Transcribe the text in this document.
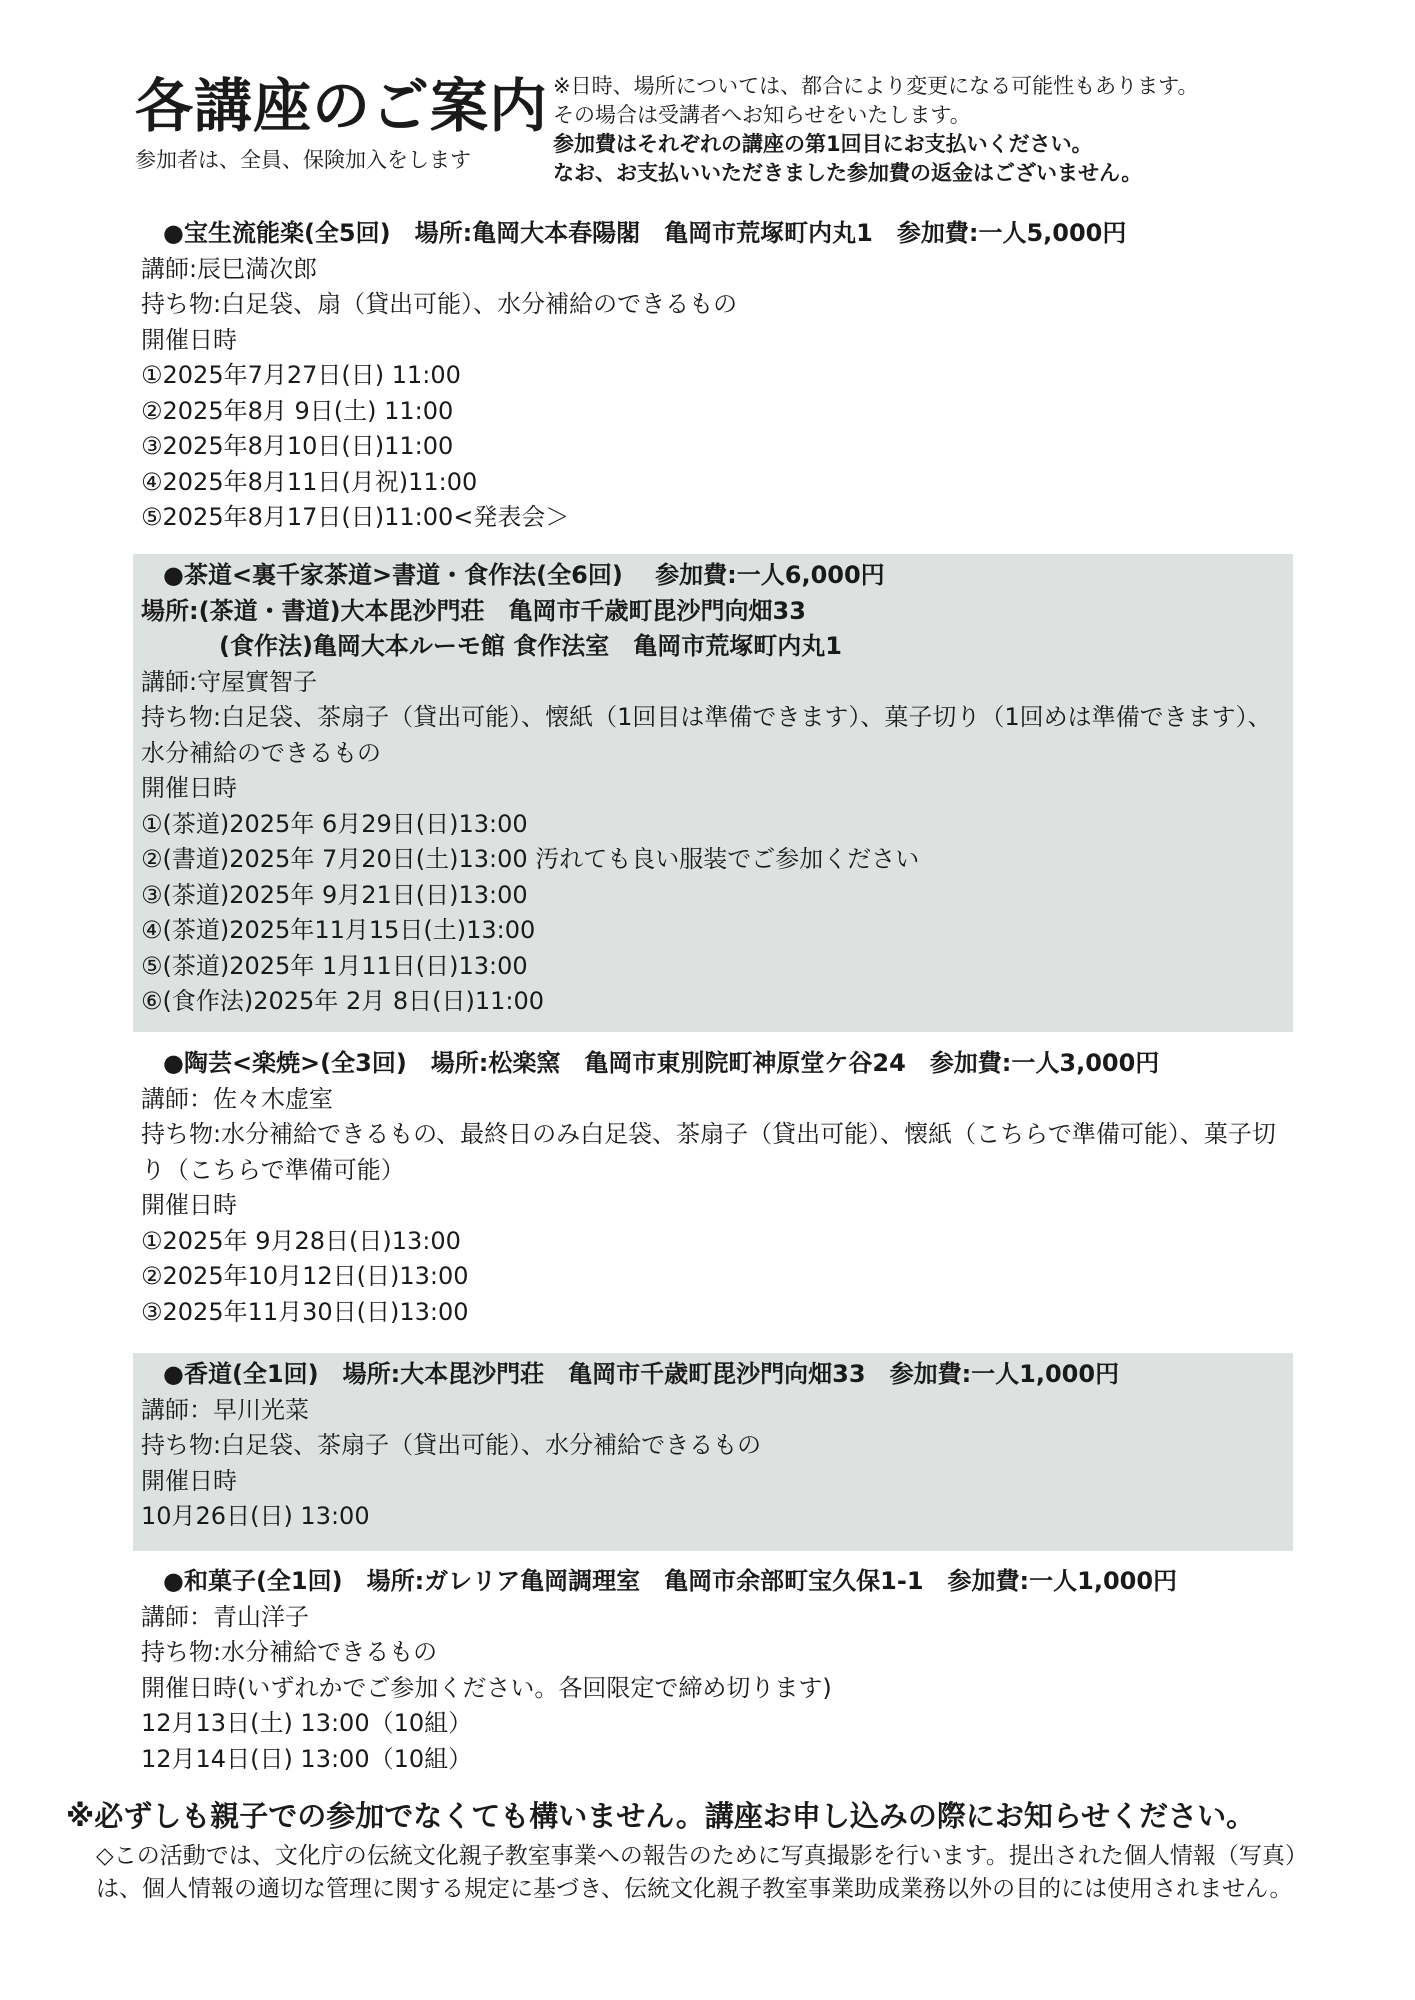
各講座のご案内
参加者は、全員、保険加入をします
※日時、場所については、都合により変更になる可能性もあります。
その場合は受講者へお知らせをいたします。
参加費はそれぞれの講座の第1回目にお支払いください。
なお、お支払いいただきました参加費の返金はございません。
●宝生流能楽(全5回)　場所:亀岡大本春陽閣　亀岡市荒塚町内丸1　参加費:一人5,000円
講師:辰巳満次郎
持ち物:白足袋、扇（貸出可能）、水分補給のできるもの
開催日時
①2025年7月27日(日) 11:00
②2025年8月 9日(土) 11:00
③2025年8月10日(日)11:00
④2025年8月11日(月祝)11:00
⑤2025年8月17日(日)11:00<発表会＞
●茶道<裏千家茶道>書道・食作法(全6回)　 参加費:一人6,000円
場所:(茶道・書道)大本毘沙門荘　亀岡市千歳町毘沙門向畑33
(食作法)亀岡大本ルーモ館 食作法室　亀岡市荒塚町内丸1
講師:守屋實智子
持ち物:白足袋、茶扇子（貸出可能）、懐紙（1回目は準備できます）、菓子切り（1回めは準備できます）、水分補給のできるもの
開催日時
①(茶道)2025年 6月29日(日)13:00
②(書道)2025年 7月20日(土)13:00 汚れても良い服装でご参加ください
③(茶道)2025年 9月21日(日)13:00
④(茶道)2025年11月15日(土)13:00
⑤(茶道)2025年 1月11日(日)13:00
⑥(食作法)2025年 2月 8日(日)11:00
●陶芸<楽焼>(全3回)　場所:松楽窯　亀岡市東別院町神原堂ケ谷24　参加費:一人3,000円
講師：佐々木虚室
持ち物:水分補給できるもの、最終日のみ白足袋、茶扇子（貸出可能）、懐紙（こちらで準備可能）、菓子切り（こちらで準備可能）
開催日時
①2025年 9月28日(日)13:00
②2025年10月12日(日)13:00
③2025年11月30日(日)13:00
●香道(全1回)　場所:大本毘沙門荘　亀岡市千歳町毘沙門向畑33　参加費:一人1,000円
講師：早川光菜
持ち物:白足袋、茶扇子（貸出可能）、水分補給できるもの
開催日時
10月26日(日) 13:00
●和菓子(全1回)　場所:ガレリア亀岡調理室　亀岡市余部町宝久保1-1　参加費:一人1,000円
講師：青山洋子
持ち物:水分補給できるもの
開催日時(いずれかでご参加ください。各回限定で締め切ります)
12月13日(土) 13:00（10組）
12月14日(日) 13:00（10組）
※必ずしも親子での参加でなくても構いません。講座お申し込みの際にお知らせください。
◇この活動では、文化庁の伝統文化親子教室事業への報告のために写真撮影を行います。提出された個人情報（写真）は、個人情報の適切な管理に関する規定に基づき、伝統文化親子教室事業助成業務以外の目的には使用されません。
